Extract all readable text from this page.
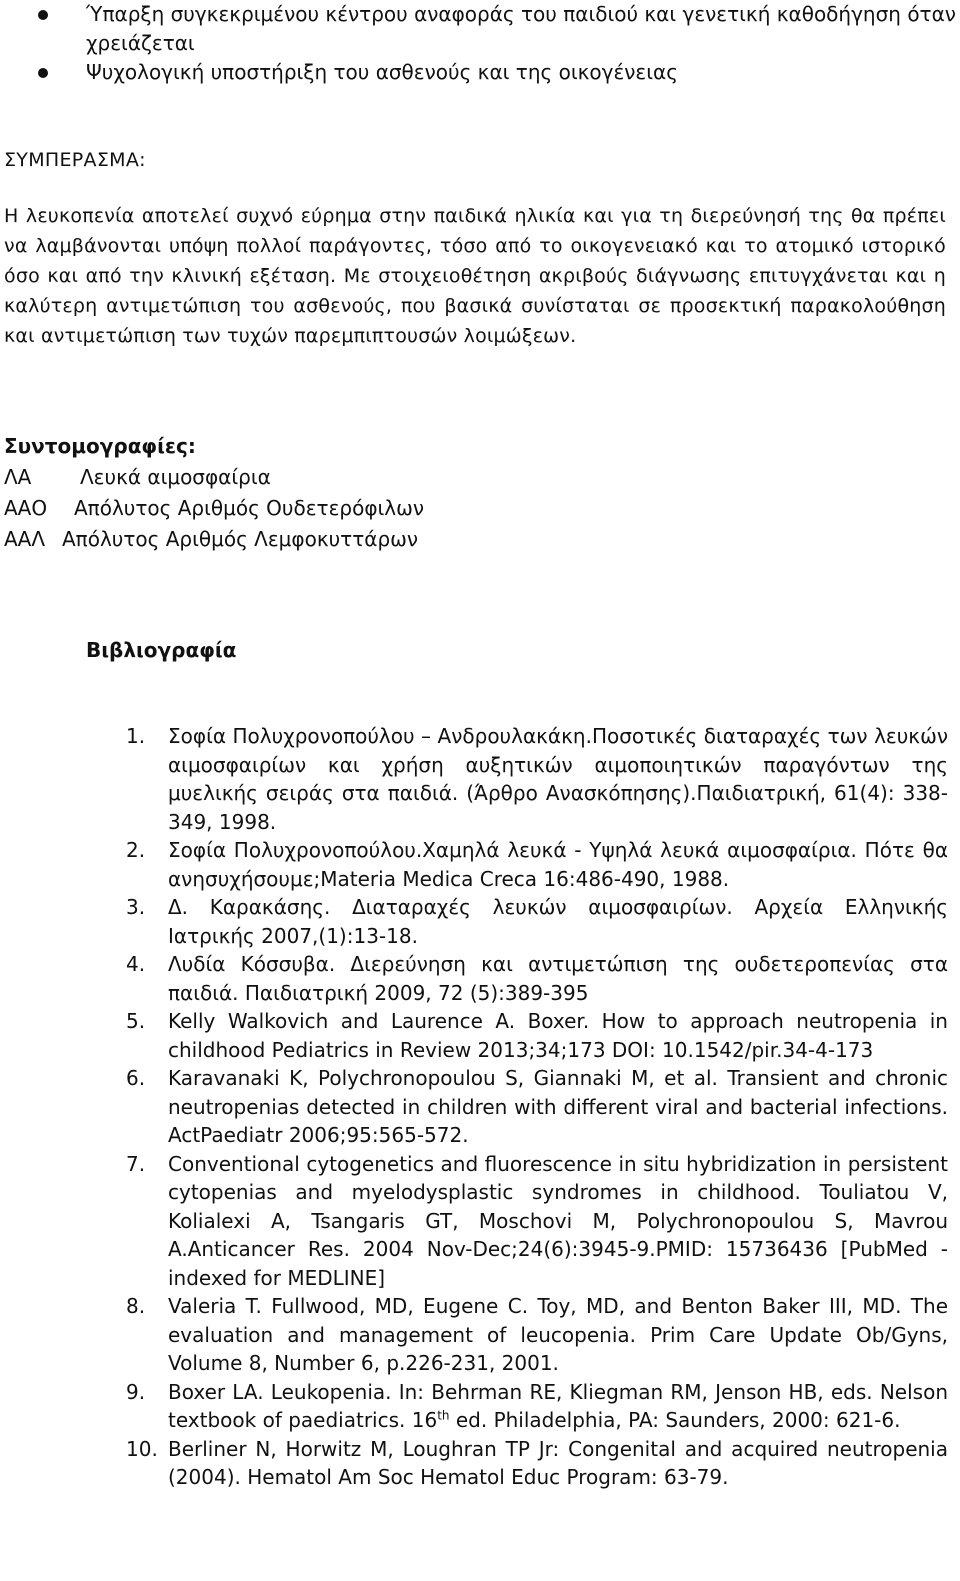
Ύπαρξη συγκεκριμένου κέντρου αναφοράς του παιδιού και γενετική καθοδήγηση όταν χρειάζεται
Ψυχολογική υποστήριξη του ασθενούς και της οικογένειας
ΣΥΜΠΕΡΑΣΜΑ:
Η λευκοπενία αποτελεί συχνό εύρημα στην παιδικά ηλικία και για τη διερεύνησή της θα πρέπει να λαμβάνονται υπόψη πολλοί παράγοντες, τόσο από το οικογενειακό και το ατομικό ιστορικό όσο και από την κλινική εξέταση. Με στοιχειοθέτηση ακριβούς διάγνωσης επιτυγχάνεται και η καλύτερη αντιμετώπιση του ασθενούς, που βασικά συνίσταται σε προσεκτική παρακολούθηση και αντιμετώπιση των τυχών παρεμπιπτουσών λοιμώξεων.
Συντομογραφίες:
ΛΑ	Λευκά αιμοσφαίρια
ΑΑΟ	Απόλυτος Αριθμός Ουδετερόφιλων
ΑΑΛ Απόλυτος Αριθμός Λεμφοκυττάρων
Βιβλιογραφία
1.	Σοφία Πολυχρονοπούλου – Ανδρουλακάκη.Ποσοτικές διαταραχές των λευκών αιμοσφαιρίων και χρήση αυξητικών αιμοποιητικών παραγόντων της μυελικής σειράς στα παιδιά. (Άρθρο Ανασκόπησης).Παιδιατρική, 61(4): 338-349, 1998.
2.	Σοφία Πολυχρονοπούλου.Χαμηλά λευκά - Υψηλά λευκά αιμοσφαίρια. Πότε θα ανησυχήσουμε;Materia Medica Creca 16:486-490, 1988.
3.	Δ. Καρακάσης. Διαταραχές λευκών αιμοσφαιρίων. Αρχεία Ελληνικής Ιατρικής 2007,(1):13-18.
4.	Λυδία Κόσσυβα. Διερεύνηση και αντιμετώπιση της ουδετεροπενίας στα παιδιά. Παιδιατρική 2009, 72 (5):389-395
5.	Kelly Walkovich and Laurence A. Boxer. How to approach neutropenia in childhood Pediatrics in Review 2013;34;173 DOI: 10.1542/pir.34-4-173
6.	Karavanaki K, Polychronopoulou S, Giannaki M, et al. Transient and chronic neutropenias detected in children with different viral and bacterial infections. ActPaediatr 2006;95:565-572.
7.	Conventional cytogenetics and fluorescence in situ hybridization in persistent cytopenias and myelodysplastic syndromes in childhood. Touliatou V, Kolialexi A, Tsangaris GT, Moschovi M, Polychronopoulou S, Mavrou A.Anticancer Res. 2004 Nov-Dec;24(6):3945-9.PMID: 15736436 [PubMed - indexed for MEDLINE]
8.	Valeria T. Fullwood, MD, Eugene C. Toy, MD, and Benton Baker III, MD. The evaluation and management of leucopenia. Prim Care Update Ob/Gyns, Volume 8, Number 6, p.226-231, 2001.
9.	Boxer LA. Leukopenia. In: Behrman RE, Kliegman RM, Jenson HB, eds. Nelson textbook of paediatrics. 16th ed. Philadelphia, PA: Saunders, 2000: 621-6.
10. Berliner N, Horwitz M, Loughran TP Jr: Congenital and acquired neutropenia (2004). Hematol Am Soc Hematol Educ Program: 63-79.
